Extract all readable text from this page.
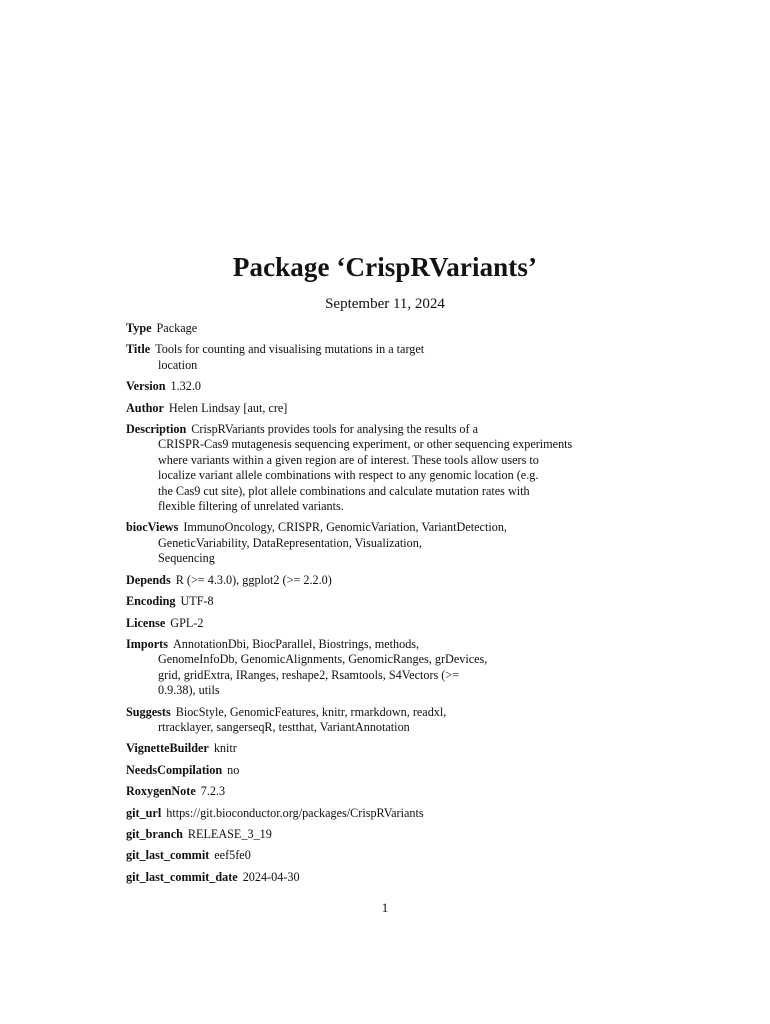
Package ‘CrispRVariants’
September 11, 2024
Type Package
Title Tools for counting and visualising mutations in a target
location
Version 1.32.0
Author Helen Lindsay [aut, cre]
Description CrispRVariants provides tools for analysing the results of a
CRISPR-Cas9 mutagenesis sequencing experiment, or other sequencing experiments
where variants within a given region are of interest. These tools allow users to
localize variant allele combinations with respect to any genomic location (e.g.
the Cas9 cut site), plot allele combinations and calculate mutation rates with
flexible filtering of unrelated variants.
biocViews ImmunoOncology, CRISPR, GenomicVariation, VariantDetection,
GeneticVariability, DataRepresentation, Visualization,
Sequencing
Depends R (>= 4.3.0), ggplot2 (>= 2.2.0)
Encoding UTF-8
License GPL-2
Imports AnnotationDbi, BiocParallel, Biostrings, methods,
GenomeInfoDb, GenomicAlignments, GenomicRanges, grDevices,
grid, gridExtra, IRanges, reshape2, Rsamtools, S4Vectors (>=
0.9.38), utils
Suggests BiocStyle, GenomicFeatures, knitr, rmarkdown, readxl,
rtracklayer, sangerseqR, testthat, VariantAnnotation
VignetteBuilder knitr
NeedsCompilation no
RoxygenNote 7.2.3
git_url https://git.bioconductor.org/packages/CrispRVariants
git_branch RELEASE_3_19
git_last_commit eef5fe0
git_last_commit_date 2024-04-30
1
